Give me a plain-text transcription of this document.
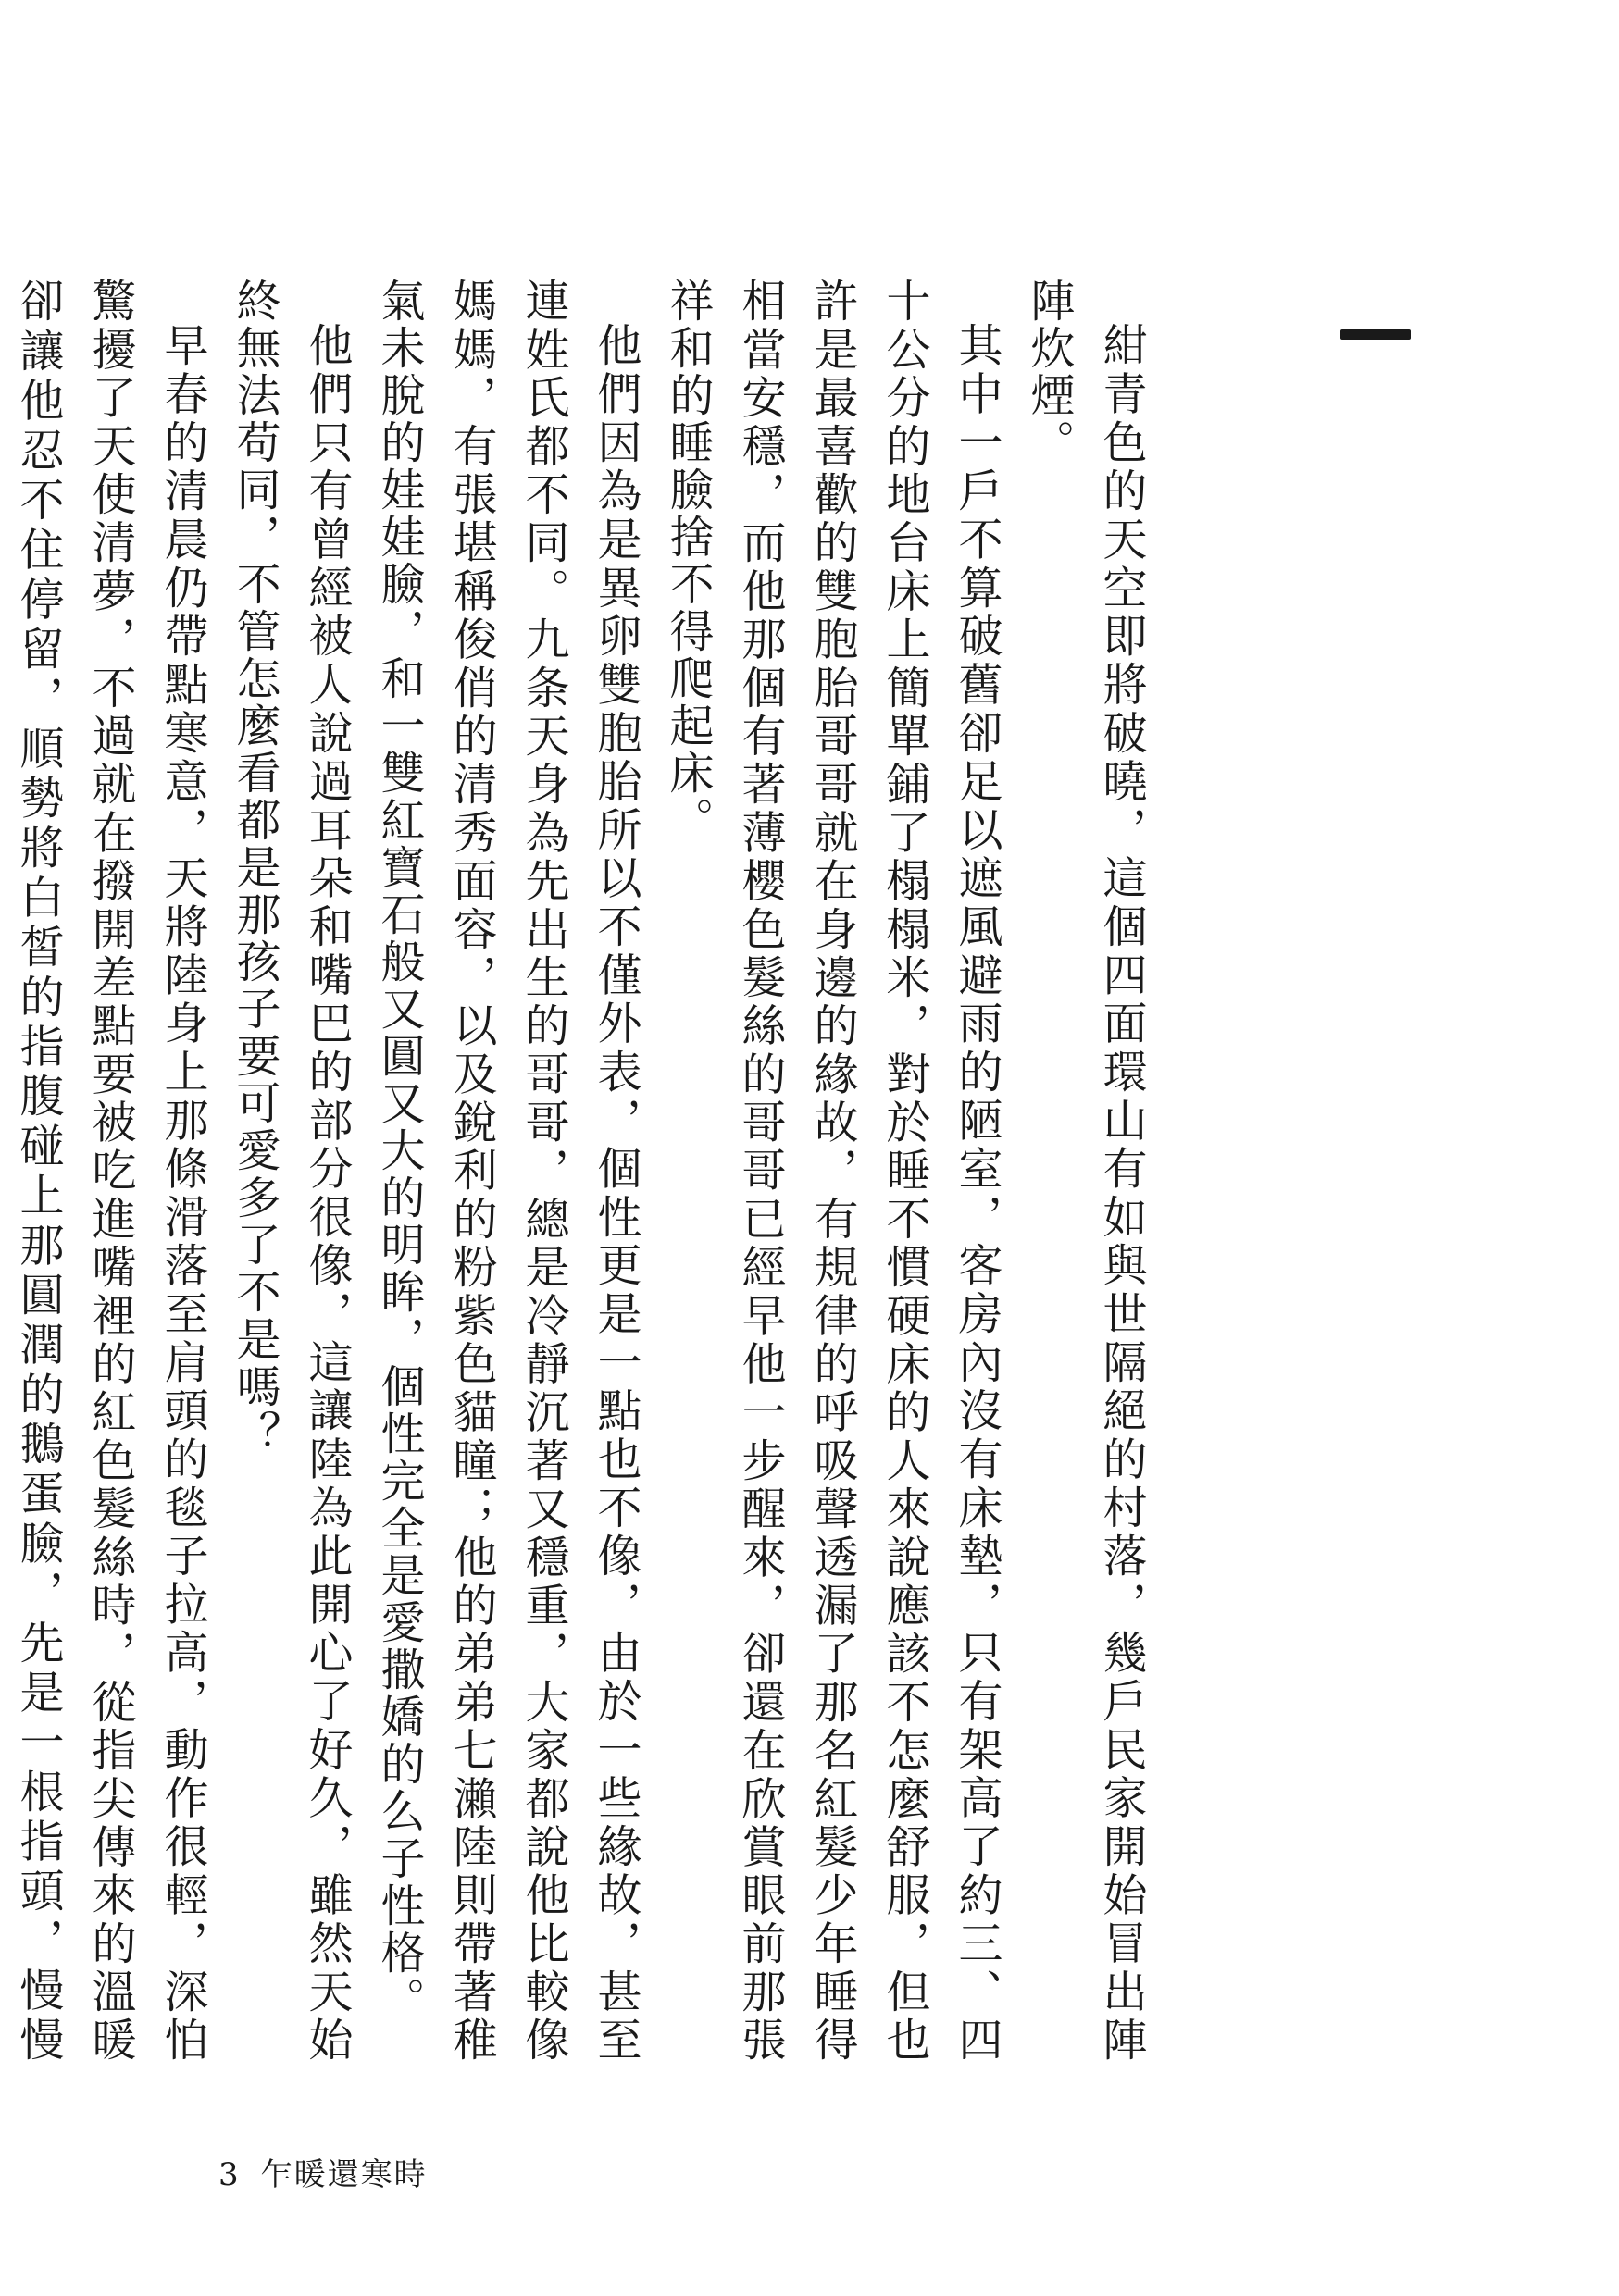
紺青色的天空即將破曉，這個四面環山有如與世隔絕的村落，幾戶民家開始冒出陣陣炊煙。

其中一戶不算破舊卻足以遮風避雨的陋室，客房內沒有床墊，只有架高了約三、四十公分的地台床上簡單鋪了榻榻米，對於睡不慣硬床的人來說應該不怎麼舒服，但也許是最喜歡的雙胞胎哥哥就在身邊的緣故，有規律的呼吸聲透漏了那名紅髮少年睡得相當安穩，而他那個有著薄櫻色髮絲的哥哥已經早他一步醒來，卻還在欣賞眼前那張祥和的睡臉捨不得爬起床。

他們因為是異卵雙胞胎所以不僅外表，個性更是一點也不像，由於一些緣故，甚至連姓氏都不同。九条天身為先出生的哥哥，總是冷靜沉著又穩重，大家都說他比較像媽媽，有張堪稱俊俏的清秀面容，以及銳利的粉紫色貓瞳；他的弟弟七瀨陸則帶著稚氣未脫的娃娃臉，和一雙紅寶石般又圓又大的明眸，個性完全是愛撒嬌的么子性格。

他們只有曾經被人說過耳朵和嘴巴的部分很像，這讓陸為此開心了好久，雖然天始終無法苟同，不管怎麼看都是那孩子要可愛多了不是嗎？

早春的清晨仍帶點寒意，天將陸身上那條滑落至肩頭的毯子拉高，動作很輕，深怕驚擾了天使清夢，不過就在撥開差點要被吃進嘴裡的紅色髮絲時，從指尖傳來的溫暖卻讓他忍不住停留，順勢將白皙的指腹碰上那圓潤的鵝蛋臉，先是一根指頭，慢慢

3 乍暖還寒時
